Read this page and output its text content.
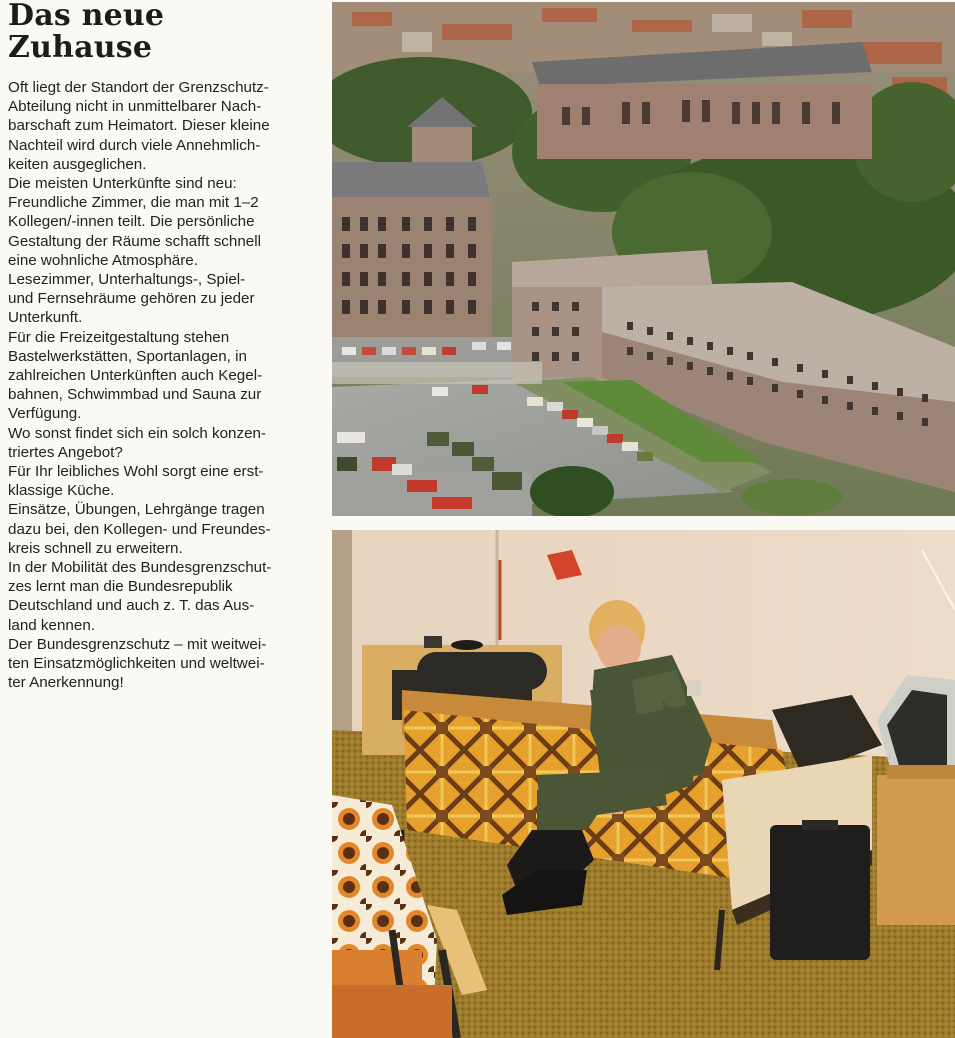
Das neue
Zuhause

Oft liegt der Standort der Grenzschutz-

Abteilung nicht in unmittelbarer Nach-

barschaft zum Heimatort. Dieser kleine

Nachteil wird durch viele Annehmlich-

keiten ausgeglichen.

Die meisten Unterkünfte sind neu:

Freundliche Zimmer, die man mit 1–2

Kollegen/-innen teilt. Die persönliche

Gestaltung der Räume schafft schnell

eine wohnliche Atmosphäre.

Lesezimmer, Unterhaltungs-, Spiel-

und Fernsehräume gehören zu jeder

Unterkunft.

Für die Freizeitgestaltung stehen

Bastelwerkstätten, Sportanlagen, in

zahlreichen Unterkünften auch Kegel-

bahnen, Schwimmbad und Sauna zur

Verfügung.

Wo sonst findet sich ein solch konzen-

triertes Angebot?

Für Ihr leibliches Wohl sorgt eine erst-

klassige Küche.

Einsätze, Übungen, Lehrgänge tragen

dazu bei, den Kollegen- und Freundes-

kreis schnell zu erweitern.

In der Mobilität des Bundesgrenzschut-

zes lernt man die Bundesrepublik

Deutschland und auch z. T. das Aus-

land kennen.

Der Bundesgrenzschutz – mit weitwei-

ten Einsatzmöglichkeiten und weltwei-

ter Anerkennung!
